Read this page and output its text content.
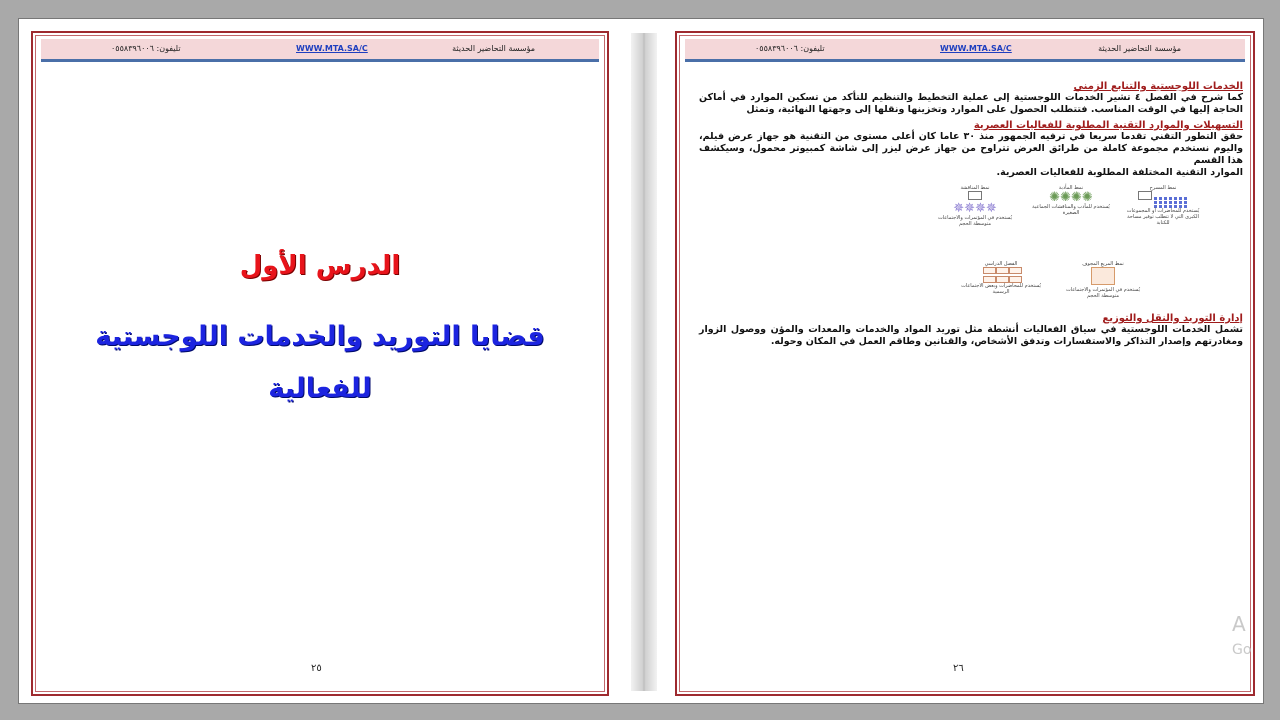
مؤسسة التحاضير الحديثة
WWW.MTA.SA/C
تليفون: ٠٥٥٨٣٩٦٠٠٦
الدرس الأول
قضايا التوريد والخدمات اللوجستية للفعالية
٢٥
مؤسسة التحاضير الحديثة
WWW.MTA.SA/C
تليفون: ٠٥٥٨٣٩٦٠٠٦
الخدمات اللوجستية والتنابع الزمني
كما شرح في الفصل ٤ تشير الخدمات اللوجستية إلى عملية التخطيط والتنظيم للتأكد من تسكين الموارد في أماكن الحاجة إليها في الوقت المناسب. فتتطلب الحصول على الموارد وتخزينها ونقلها إلى وجهتها النهائية، وتمثل
التسهيلات والموارد التقنية المطلوبة للفعاليات العصرية
حقق التطور التقني تقدما سريعا في ترفيه الجمهور منذ ٣٠ عاما كان أعلى مستوى من التقنية هو جهاز عرض فيلم، واليوم نستخدم مجموعة كاملة من طرائق العرض تتراوح من جهاز عرض ليزر إلى شاشة كمبيوتر محمول، وسيكشف هذا القسم
الموارد التقنية المختلفة المطلوبة للفعاليات العصرية.
إدارة التوريد والنقل والتوزيع
تشمل الخدمات اللوجستية في سياق الفعاليات أنشطة مثل توريد المواد والخدمات والمعدات والمؤن ووصول الزوار ومغادرتهم وإصدار التذاكر والاستفسارات وتدفق الأشخاص، والقنانين وطاقم العمل في المكان وحوله.
نمط المسرح

يُستخدم للمحاضرات أو المجموعات الكبرى التي لا تتطلب توفير مساحة للكتابة
نمط المأدبة
✺✺✺✺
يُستخدم للمآدب والمناقشات الجماعية الصغيرة
نمط المناقشة
✵✵✵✵
يُستخدم في المؤتمرات والاجتماعات متوسطة الحجم
نمط المربع المجوف
يُستخدم في المؤتمرات والاجتماعات متوسطة الحجم
الفصل الدراسي
يُستخدم للمحاضرات وبعض الاجتماعات الرسمية
٢٦
A
Go
